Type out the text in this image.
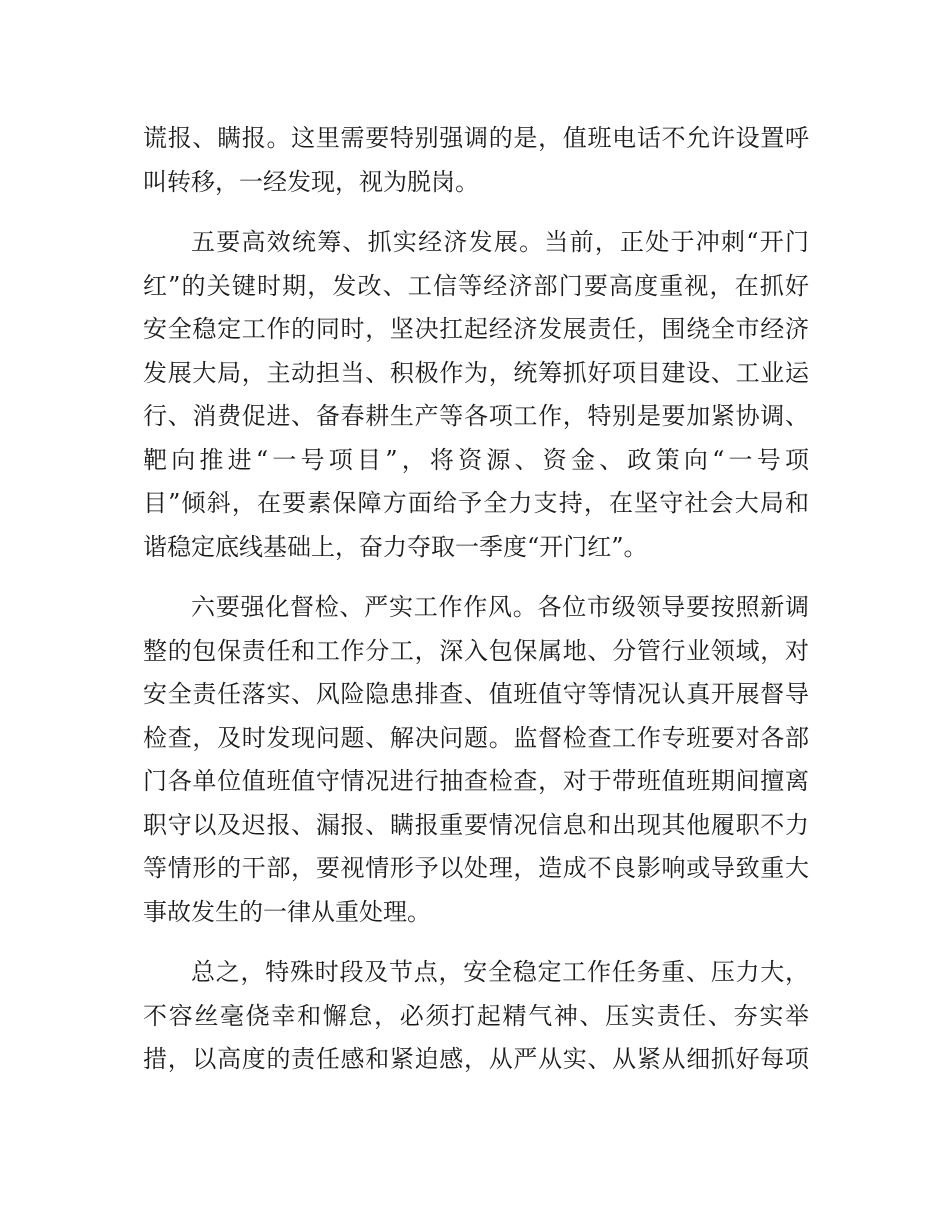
谎报、瞒报。这里需要特别强调的是，值班电话不允许设置呼
叫转移，一经发现，视为脱岗。
五要高效统筹、抓实经济发展。当前，正处于冲刺“开门
红”的关键时期，发改、工信等经济部门要高度重视，在抓好
安全稳定工作的同时，坚决扛起经济发展责任，围绕全市经济
发展大局，主动担当、积极作为，统筹抓好项目建设、工业运
行、消费促进、备春耕生产等各项工作，特别是要加紧协调、
靶向推进“一号项目”，将资源、资金、政策向“一号项
目”倾斜，在要素保障方面给予全力支持，在坚守社会大局和
谐稳定底线基础上，奋力夺取一季度“开门红”。
六要强化督检、严实工作作风。各位市级领导要按照新调
整的包保责任和工作分工，深入包保属地、分管行业领域，对
安全责任落实、风险隐患排查、值班值守等情况认真开展督导
检查，及时发现问题、解决问题。监督检查工作专班要对各部
门各单位值班值守情况进行抽查检查，对于带班值班期间擅离
职守以及迟报、漏报、瞒报重要情况信息和出现其他履职不力
等情形的干部，要视情形予以处理，造成不良影响或导致重大
事故发生的一律从重处理。
总之，特殊时段及节点，安全稳定工作任务重、压力大，
不容丝毫侥幸和懈怠，必须打起精气神、压实责任、夯实举
措，以高度的责任感和紧迫感，从严从实、从紧从细抓好每项
